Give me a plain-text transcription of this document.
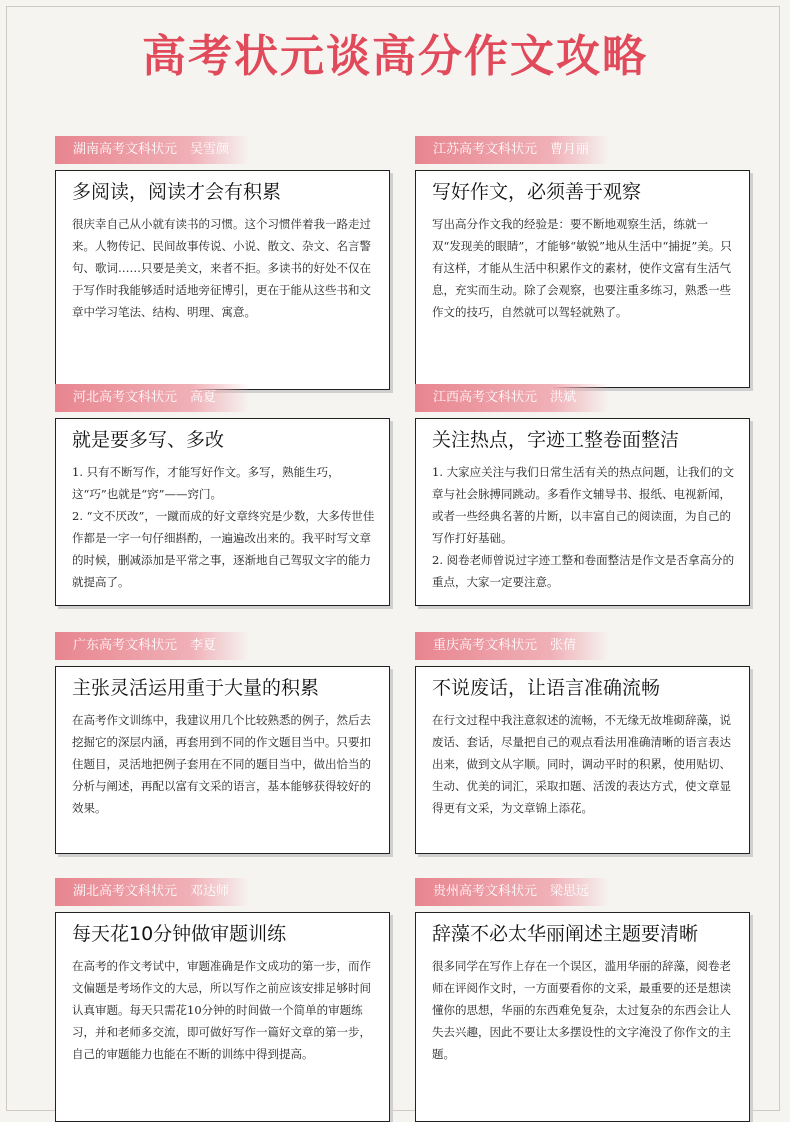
高考状元谈高分作文攻略
湖南高考文科状元　吴雪颜
多阅读，阅读才会有积累

很庆幸自己从小就有读书的习惯。这个习惯伴着我一路走过来。人物传记、民间故事传说、小说、散文、杂文、名言警句、歌词……只要是美文，来者不拒。多读书的好处不仅在于写作时我能够适时适地旁征博引，更在于能从这些书和文章中学习笔法、结构、明理、寓意。

江苏高考文科状元　曹月丽
写好作文，必须善于观察

写出高分作文我的经验是：要不断地观察生活，练就一双“发现美的眼睛”，才能够“敏锐”地从生活中“捕捉”美。只有这样，才能从生活中积累作文的素材，使作文富有生活气息，充实而生动。除了会观察，也要注重多练习，熟悉一些作文的技巧，自然就可以驾轻就熟了。

河北高考文科状元　高夏
就是要多写、多改

1. 只有不断写作，才能写好作文。多写，熟能生巧，这“巧”也就是“窍”——窍门。

2. “文不厌改”，一蹴而成的好文章终究是少数，大多传世佳作都是一字一句仔细斟酌，一遍遍改出来的。我平时写文章的时候，删减添加是平常之事，逐渐地自己驾驭文字的能力就提高了。

江西高考文科状元　洪斌
关注热点，字迹工整卷面整洁

1. 大家应关注与我们日常生活有关的热点问题，让我们的文章与社会脉搏同跳动。多看作文辅导书、报纸、电视新闻，或者一些经典名著的片断，以丰富自己的阅读面，为自己的写作打好基础。

2. 阅卷老师曾说过字迹工整和卷面整洁是作文是否拿高分的重点，大家一定要注意。

广东高考文科状元　李夏
主张灵活运用重于大量的积累

在高考作文训练中，我建议用几个比较熟悉的例子，然后去挖掘它的深层内涵，再套用到不同的作文题目当中。只要扣住题目，灵活地把例子套用在不同的题目当中，做出恰当的分析与阐述，再配以富有文采的语言，基本能够获得较好的效果。

重庆高考文科状元　张倩
不说废话，让语言准确流畅

在行文过程中我注意叙述的流畅，不无缘无故堆砌辞藻，说废话、套话，尽量把自己的观点看法用准确清晰的语言表达出来，做到文从字顺。同时，调动平时的积累，使用贴切、生动、优美的词汇，采取扣题、活泼的表达方式，使文章显得更有文采，为文章锦上添花。

湖北高考文科状元　邓达师
每天花10分钟做审题训练

在高考的作文考试中，审题准确是作文成功的第一步，而作文偏题是考场作文的大忌，所以写作之前应该安排足够时间认真审题。每天只需花10分钟的时间做一个简单的审题练习，并和老师多交流，即可做好写作一篇好文章的第一步，自己的审题能力也能在不断的训练中得到提高。

贵州高考文科状元　梁思远
辞藻不必太华丽阐述主题要清晰

很多同学在写作上存在一个误区，滥用华丽的辞藻，阅卷老师在评阅作文时，一方面要看你的文采，最重要的还是想读懂你的思想，华丽的东西难免复杂，太过复杂的东西会让人失去兴趣，因此不要让太多摆设性的文字淹没了你作文的主题。
